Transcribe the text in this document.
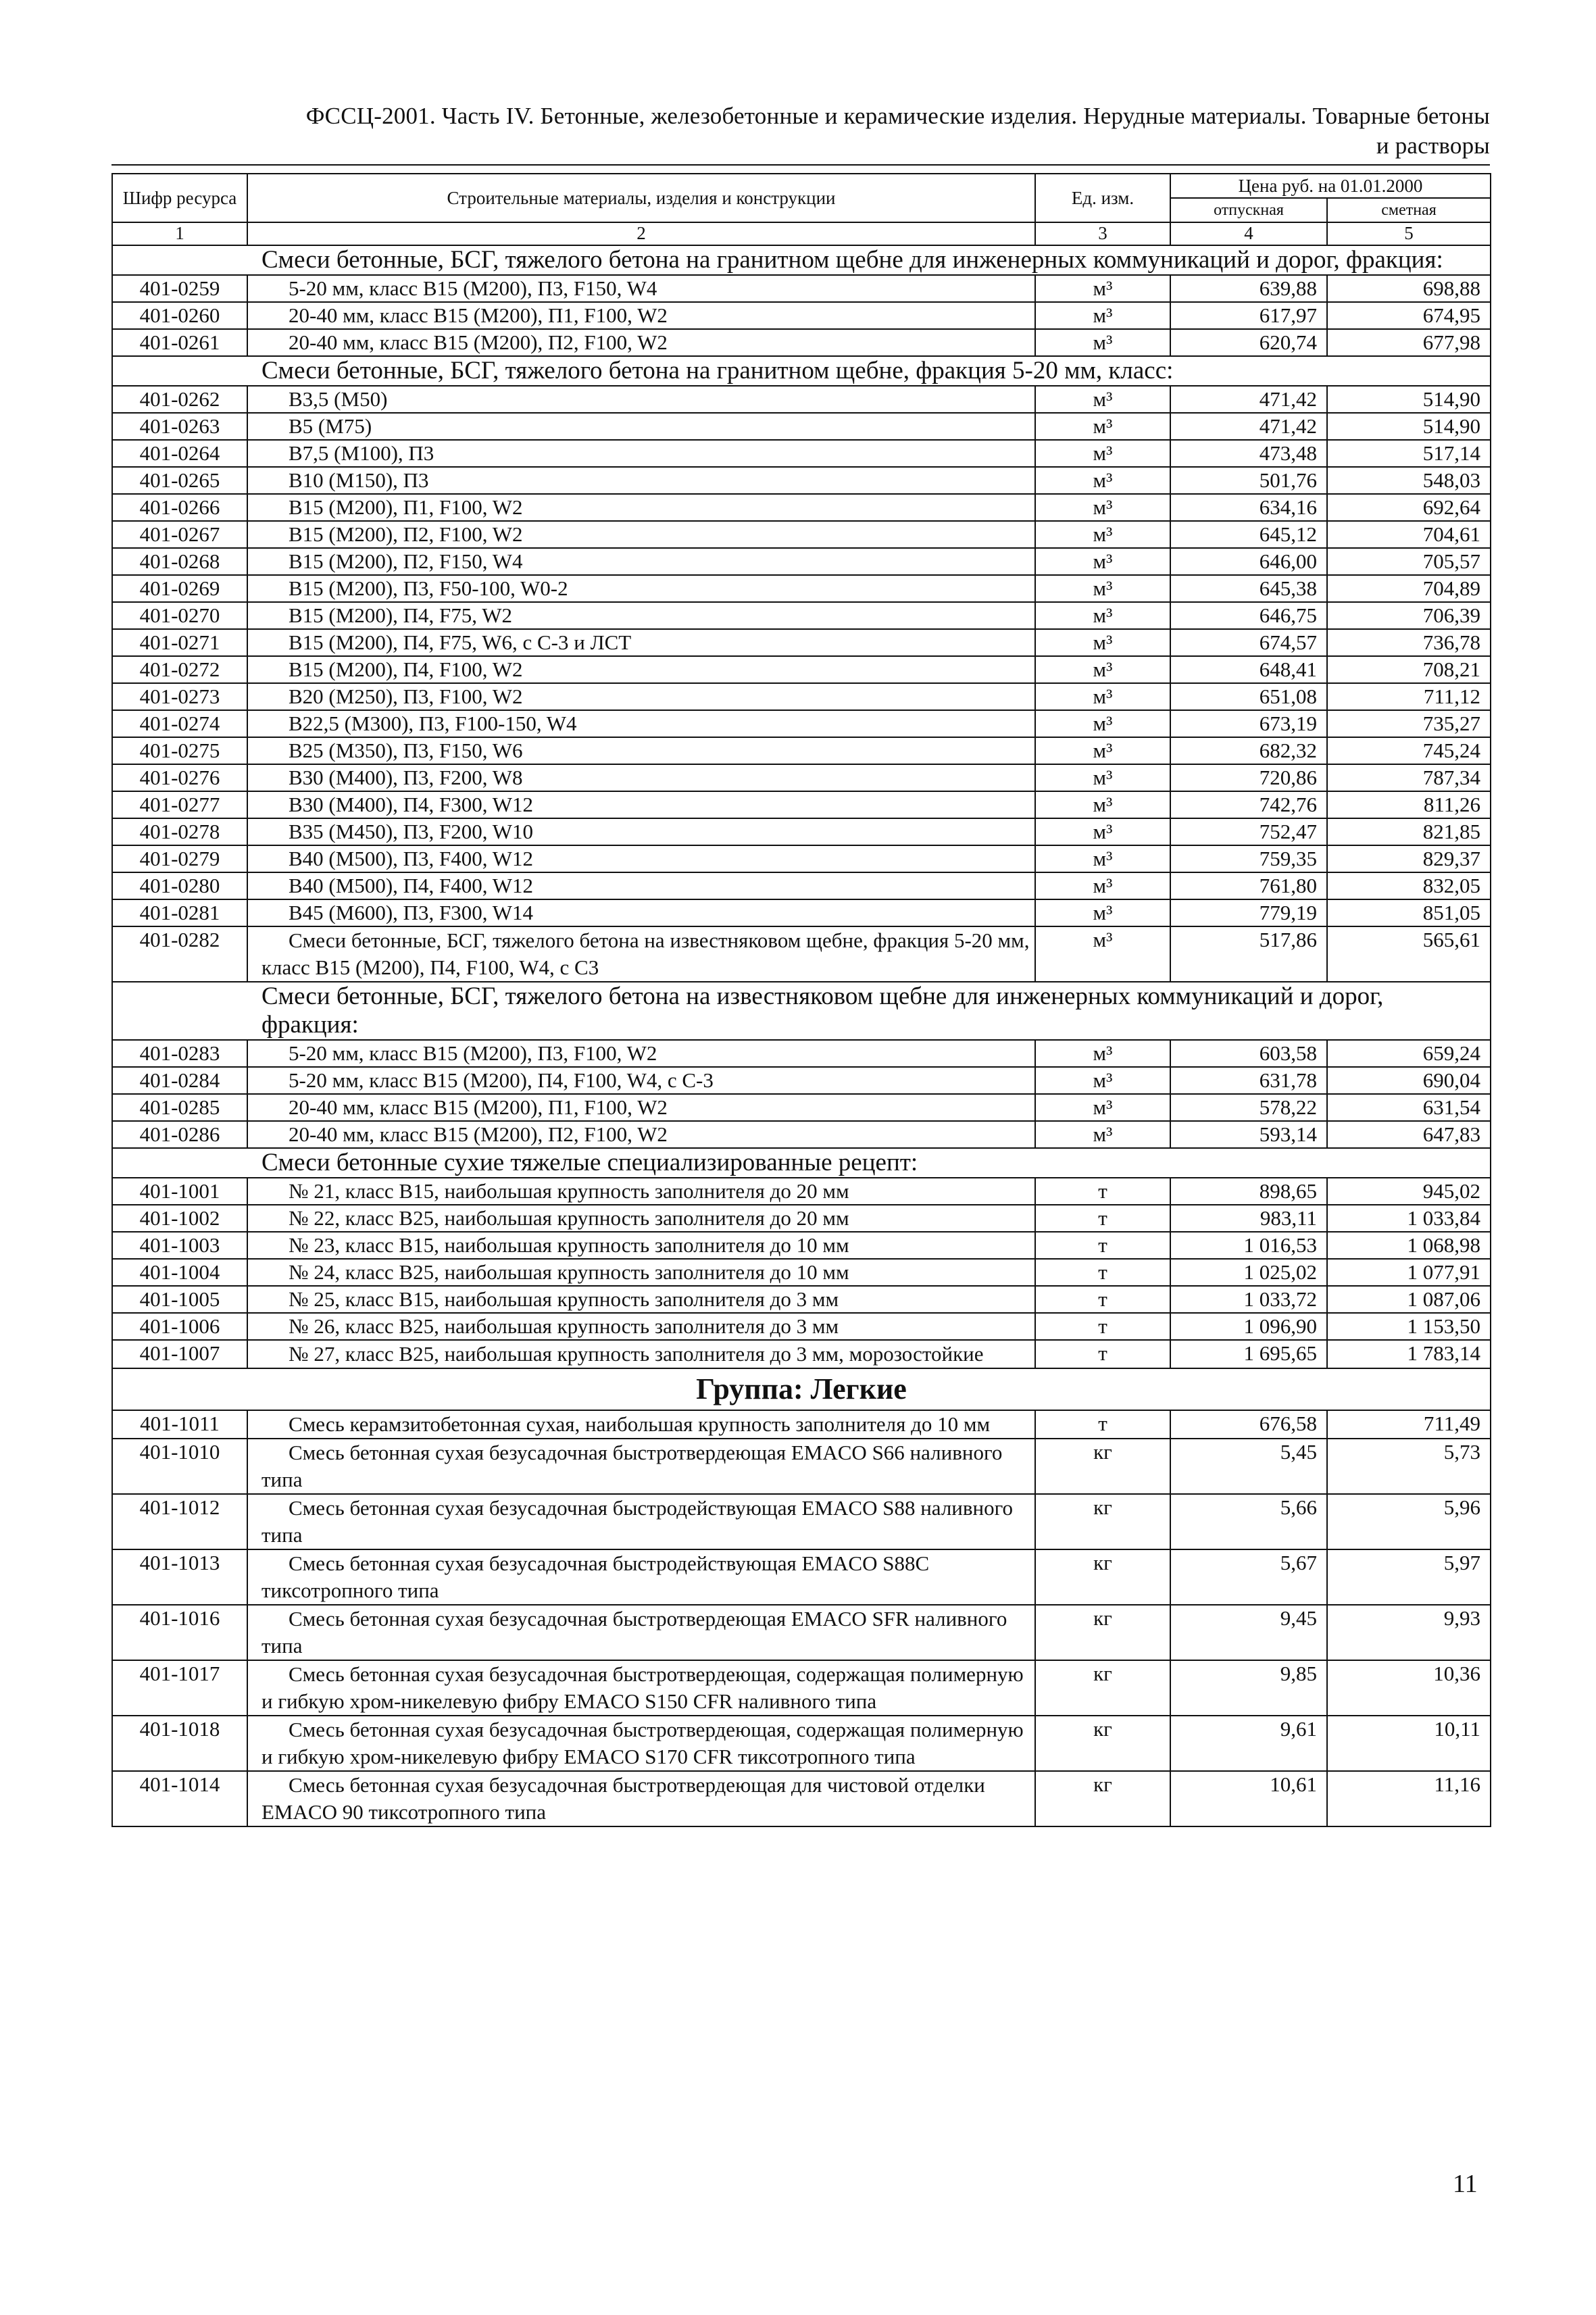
ФССЦ-2001. Часть IV. Бетонные, железобетонные и керамические изделия. Нерудные материалы. Товарные бетоны
и растворы
Шифр ресурса	Строительные материалы, изделия и конструкции	Ед. изм.	Цена руб. на 01.01.2000	
			отпускная	сметная
1	2	3	4	5
Смеси бетонные, БСГ, тяжелого бетона на гранитном щебне для инженерных коммуникаций и дорог, фракция:				
401-0259	5-20 мм, класс В15 (М200), П3, F150, W4	м³	639,88	698,88
401-0260	20-40 мм, класс В15 (М200), П1, F100, W2	м³	617,97	674,95
401-0261	20-40 мм, класс В15 (М200), П2, F100, W2	м³	620,74	677,98
Смеси бетонные, БСГ, тяжелого бетона на гранитном щебне, фракция 5-20 мм, класс:				
401-0262	В3,5 (М50)	м³	471,42	514,90
401-0263	В5 (М75)	м³	471,42	514,90
401-0264	В7,5 (М100), П3	м³	473,48	517,14
401-0265	В10 (М150), П3	м³	501,76	548,03
401-0266	В15 (М200), П1, F100, W2	м³	634,16	692,64
401-0267	В15 (М200), П2, F100, W2	м³	645,12	704,61
401-0268	В15 (М200), П2, F150, W4	м³	646,00	705,57
401-0269	В15 (М200), П3, F50-100, W0-2	м³	645,38	704,89
401-0270	В15 (М200), П4, F75, W2	м³	646,75	706,39
401-0271	В15 (М200), П4, F75, W6, с С-3 и ЛСТ	м³	674,57	736,78
401-0272	В15 (М200), П4, F100, W2	м³	648,41	708,21
401-0273	В20 (М250), П3, F100, W2	м³	651,08	711,12
401-0274	В22,5 (М300), П3, F100-150, W4	м³	673,19	735,27
401-0275	В25 (М350), П3, F150, W6	м³	682,32	745,24
401-0276	В30 (М400), П3, F200, W8	м³	720,86	787,34
401-0277	В30 (М400), П4, F300, W12	м³	742,76	811,26
401-0278	В35 (М450), П3, F200, W10	м³	752,47	821,85
401-0279	В40 (М500), П3, F400, W12	м³	759,35	829,37
401-0280	В40 (М500), П4, F400, W12	м³	761,80	832,05
401-0281	В45 (М600), П3, F300, W14	м³	779,19	851,05
401-0282	Смеси бетонные, БСГ, тяжелого бетона на известняковом щебне, фракция 5-20 мм, класс В15 (М200), П4, F100, W4, с С3	м³	517,86	565,61
Смеси бетонные, БСГ, тяжелого бетона на известняковом щебне для инженерных коммуникаций и дорог, фракция:				
401-0283	5-20 мм, класс В15 (М200), П3, F100, W2	м³	603,58	659,24
401-0284	5-20 мм, класс В15 (М200), П4, F100, W4, с С-3	м³	631,78	690,04
401-0285	20-40 мм, класс В15 (М200), П1, F100, W2	м³	578,22	631,54
401-0286	20-40 мм, класс В15 (М200), П2, F100, W2	м³	593,14	647,83
Смеси бетонные сухие тяжелые специализированные рецепт:				
401-1001	№ 21, класс В15, наибольшая крупность заполнителя до 20 мм	т	898,65	945,02
401-1002	№ 22, класс В25, наибольшая крупность заполнителя до 20 мм	т	983,11	1 033,84
401-1003	№ 23, класс В15, наибольшая крупность заполнителя до 10 мм	т	1 016,53	1 068,98
401-1004	№ 24, класс В25, наибольшая крупность заполнителя до 10 мм	т	1 025,02	1 077,91
401-1005	№ 25, класс В15, наибольшая крупность заполнителя до 3 мм	т	1 033,72	1 087,06
401-1006	№ 26, класс В25, наибольшая крупность заполнителя до 3 мм	т	1 096,90	1 153,50
401-1007	№ 27, класс В25, наибольшая крупность заполнителя до 3 мм, морозостойкие	т	1 695,65	1 783,14
Группа: Легкие				
401-1011	Смесь керамзитобетонная сухая, наибольшая крупность заполнителя до 10 мм	т	676,58	711,49
401-1010	Смесь бетонная сухая безусадочная быстротвердеющая EMACO S66 наливного типа	кг	5,45	5,73
401-1012	Смесь бетонная сухая безусадочная быстродействующая EMACO S88 наливного типа	кг	5,66	5,96
401-1013	Смесь бетонная сухая безусадочная быстродействующая EMACO S88C тиксотропного типа	кг	5,67	5,97
401-1016	Смесь бетонная сухая безусадочная быстротвердеющая EMACO SFR наливного типа	кг	9,45	9,93
401-1017	Смесь бетонная сухая безусадочная быстротвердеющая, содержащая полимерную и гибкую хром-никелевую фибру EMACO S150 CFR наливного типа	кг	9,85	10,36
401-1018	Смесь бетонная сухая безусадочная быстротвердеющая, содержащая полимерную и гибкую хром-никелевую фибру EMACO S170 CFR тиксотропного типа	кг	9,61	10,11
401-1014	Смесь бетонная сухая безусадочная быстротвердеющая для чистовой отделки EMACO 90 тиксотропного типа	кг	10,61	11,16
11
